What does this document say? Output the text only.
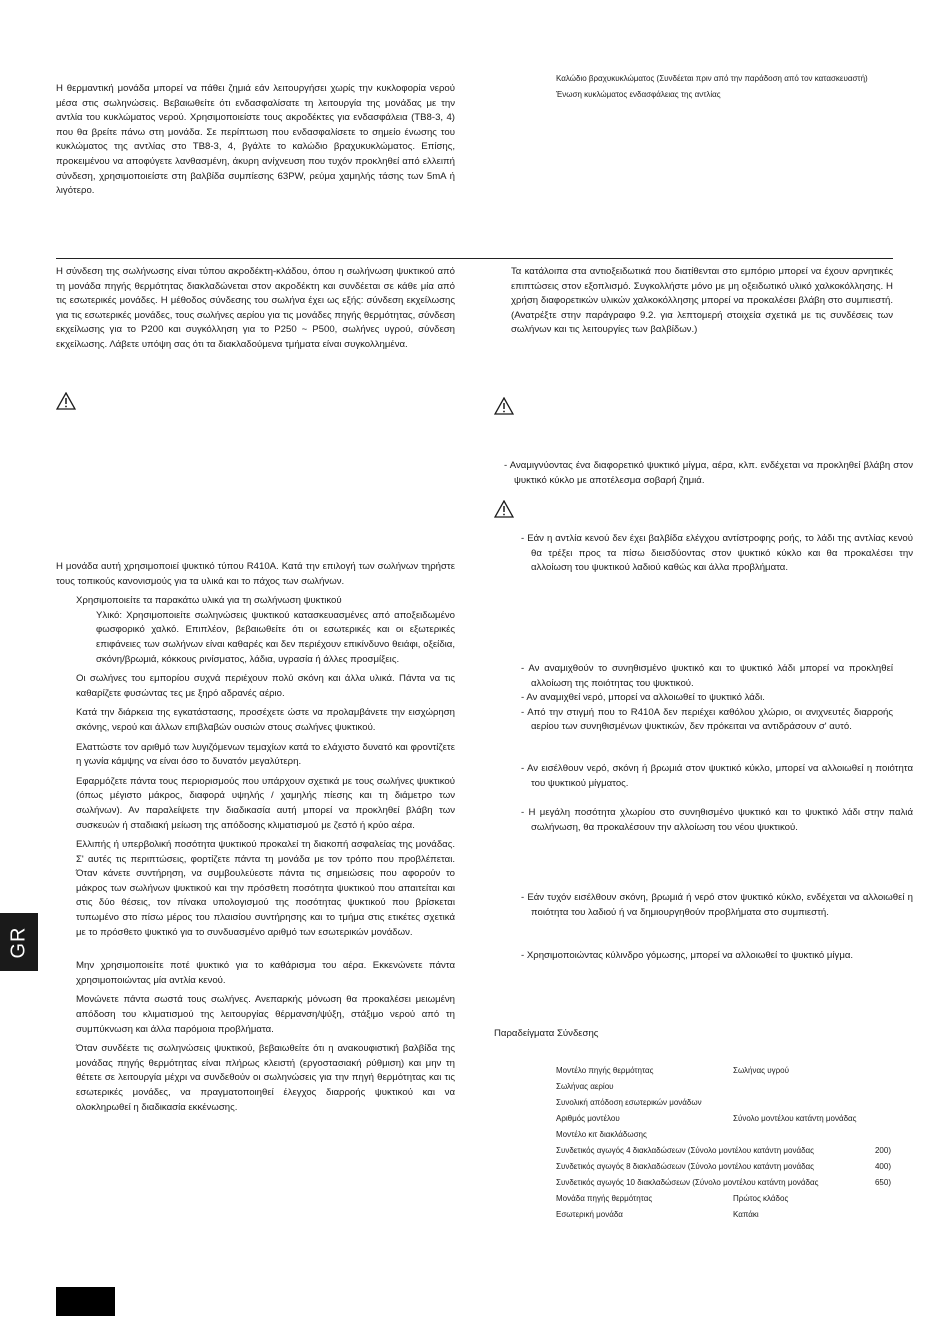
Η θερμαντική μονάδα μπορεί να πάθει ζημιά εάν λειτουργήσει χωρίς την κυκλοφορία νερού μέσα στις σωληνώσεις. Βεβαιωθείτε ότι ενδασφαλίσατε τη λειτουργία της μονάδας με την αντλία του κυκλώματος νερού. Χρησιμοποιείστε τους ακροδέκτες για ενδασφάλεια (TB8-3, 4) που θα βρείτε πάνω στη μονάδα. Σε περίπτωση που ενδασφαλίσετε το σημείο ένωσης του κυκλώματος της αντλίας στο TB8-3, 4, βγάλτε το καλώδιο βραχυκυκλώματος. Επίσης, προκειμένου να αποφύγετε λανθασμένη, άκυρη ανίχνευση που τυχόν προκληθεί από ελλειπή σύνδεση, χρησιμοποιείστε στη βαλβίδα συμπίεσης 63PW, ρεύμα χαμηλής τάσης των 5mA ή λιγότερο.

Καλώδιο βραχυκυκλώματος (Συνδέεται πριν από την παράδοση από τον κατασκευαστή)

Ένωση κυκλώματος ενδασφάλειας της αντλίας

Η σύνδεση της σωλήνωσης είναι τύπου ακροδέκτη-κλάδου, όπου η σωλήνωση ψυκτικού από τη μονάδα πηγής θερμότητας διακλαδώνεται στον ακροδέκτη και συνδέεται σε κάθε μία από τις εσωτερικές μονάδες. Η μέθοδος σύνδεσης του σωλήνα έχει ως εξής: σύνδεση εκχείλωσης για τις εσωτερικές μονάδες, τους σωλήνες αερίου για τις μονάδες πηγής θερμότητας, σύνδεση εκχείλωσης για το P200 και συγκόλληση για το P250 ~ P500, σωλήνες υγρού, σύνδεση εκχείλωσης. Λάβετε υπόψη σας ότι τα διακλαδούμενα τμήματα είναι συγκολλημένα.

Η μονάδα αυτή χρησιμοποιεί ψυκτικό τύπου R410A. Κατά την επιλογή των σωλήνων τηρήστε τους τοπικούς κανονισμούς για τα υλικά και το πάχος των σωλήνων.

Χρησιμοποιείτε τα παρακάτω υλικά για τη σωλήνωση ψυκτικού

Υλικό: Χρησιμοποιείτε σωληνώσεις ψυκτικού κατασκευασμένες από αποξειδωμένο φωσφορικό χαλκό. Επιπλέον, βεβαιωθείτε ότι οι εσωτερικές και οι εξωτερικές επιφάνειες των σωλήνων είναι καθαρές και δεν περιέχουν επικίνδυνο θειάφι, οξείδια, σκόνη/βρωμιά, κόκκους ρινίσματος, λάδια, υγρασία ή άλλες προσμίξεις.

Οι σωλήνες του εμπορίου συχνά περιέχουν πολύ σκόνη και άλλα υλικά. Πάντα να τις καθαρίζετε φυσώντας τες με ξηρό αδρανές αέριο.

Κατά την διάρκεια της εγκατάστασης, προσέχετε ώστε να προλαμβάνετε την εισχώρηση σκόνης, νερού και άλλων επιβλαβών ουσιών στους σωλήνες ψυκτικού.

Ελαττώστε τον αριθμό των λυγιζόμενων τεμαχίων κατά το ελάχιστο δυνατό και φροντίζετε η γωνία κάμψης να είναι όσο το δυνατόν μεγαλύτερη.

Εφαρμόζετε πάντα τους περιορισμούς που υπάρχουν σχετικά με τους σωλήνες ψυκτικού (όπως μέγιστο μάκρος, διαφορά υψηλής / χαμηλής πίεσης και τη διάμετρο των σωλήνων). Αν παραλείψετε την διαδικασία αυτή μπορεί να προκληθεί βλάβη των συσκευών ή σταδιακή μείωση της απόδοσης κλιματισμού με ζεστό ή κρύο αέρα.

Ελλιπής ή υπερβολική ποσότητα ψυκτικού προκαλεί τη διακοπή ασφαλείας της μονάδας. Σ' αυτές τις περιπτώσεις, φορτίζετε πάντα τη μονάδα με τον τρόπο που προβλέπεται. Όταν κάνετε συντήρηση, να συμβουλεύεστε πάντα τις σημειώσεις που αφορούν το μάκρος των σωλήνων ψυκτικού και την πρόσθετη ποσότητα ψυκτικού που απαιτείται και στις δύο θέσεις, τον πίνακα υπολογισμού της ποσότητας ψυκτικού που βρίσκεται τυπωμένο στο πίσω μέρος του πλαισίου συντήρησης και το τμήμα στις ετικέτες σχετικά με το πρόσθετο ψυκτικό για το συνδυασμένο αριθμό των εσωτερικών μονάδων.

Μην χρησιμοποιείτε ποτέ ψυκτικό για το καθάρισμα του αέρα. Εκκενώνετε πάντα χρησιμοποιώντας μία αντλία κενού.

Μονώνετε πάντα σωστά τους σωλήνες. Ανεπαρκής μόνωση θα προκαλέσει μειωμένη απόδοση του κλιματισμού της λειτουργίας θέρμανση/ψύξη, στάξιμο νερού από τη συμπύκνωση και άλλα παρόμοια προβλήματα.

Όταν συνδέετε τις σωληνώσεις ψυκτικού, βεβαιωθείτε ότι η ανακουφιστική βαλβίδα της μονάδας πηγής θερμότητας είναι πλήρως κλειστή (εργοστασιακή ρύθμιση) και μην τη θέτετε σε λειτουργία μέχρι να συνδεθούν οι σωληνώσεις για την πηγή θερμότητας και τις εσωτερικές μονάδες, να πραγματοποιηθεί έλεγχος διαρροής ψυκτικού και να ολοκληρωθεί η διαδικασία εκκένωσης.

Τα κατάλοιπα στα αντιοξειδωτικά που διατίθενται στο εμπόριο μπορεί να έχουν αρνητικές επιπτώσεις στον εξοπλισμό. Συγκολλήστε μόνο με μη οξειδωτικό υλικό χαλκοκόλλησης. Η χρήση διαφορετικών υλικών χαλκοκόλλησης μπορεί να προκαλέσει βλάβη στο συμπιεστή. (Ανατρέξτε στην παράγραφο 9.2. για λεπτομερή στοιχεία σχετικά με τις συνδέσεις των σωλήνων και τις λειτουργίες των βαλβίδων.)

- Αναμιγνύοντας ένα διαφορετικό ψυκτικό μίγμα, αέρα, κλπ. ενδέχεται να προκληθεί βλάβη στον ψυκτικό κύκλο με αποτέλεσμα σοβαρή ζημιά.

- Εάν η αντλία κενού δεν έχει βαλβίδα ελέγχου αντίστροφης ροής, το λάδι της αντλίας κενού θα τρέξει προς τα πίσω διεισδύοντας στον ψυκτικό κύκλο και θα προκαλέσει την αλλοίωση του ψυκτικού λαδιού καθώς και άλλα προβλήματα.

- Αν αναμιχθούν το συνηθισμένο ψυκτικό και το ψυκτικό λάδι μπορεί να προκληθεί αλλοίωση της ποιότητας του ψυκτικού.

- Αν αναμιχθεί νερό, μπορεί να αλλοιωθεί το ψυκτικό λάδι.

- Από την στιγμή που το R410A δεν περιέχει καθόλου χλώριο, οι ανιχνευτές διαρροής αερίου των συνηθισμένων ψυκτικών, δεν πρόκειται να αντιδράσουν σ' αυτό.

- Αν εισέλθουν νερό, σκόνη ή βρωμιά στον ψυκτικό κύκλο, μπορεί να αλλοιωθεί η ποιότητα του ψυκτικού μίγματος.

- Η μεγάλη ποσότητα χλωρίου στο συνηθισμένο ψυκτικό και το ψυκτικό λάδι στην παλιά σωλήνωση, θα προκαλέσουν την αλλοίωση του νέου ψυκτικού.

- Εάν τυχόν εισέλθουν σκόνη, βρωμιά ή νερό στον ψυκτικό κύκλο, ενδέχεται να αλλοιωθεί η ποιότητα του λαδιού ή να δημιουργηθούν προβλήματα στο συμπιεστή.

- Χρησιμοποιώντας κύλινδρο γόμωσης, μπορεί να αλλοιωθεί το ψυκτικό μίγμα.

Παραδείγματα Σύνδεσης

Μοντέλο πηγής θερμότητας	Σωλήνας υγρού	
Σωλήνας αερίου		
Συνολική απόδοση εσωτερικών μονάδων		
Αριθμός μοντέλου	Σύνολο μοντέλου κατάντη μονάδας	
Μοντέλο κιτ διακλάδωσης		
Συνδετικός αγωγός 4 διακλαδώσεων (Σύνολο μοντέλου κατάντη μονάδας		200)
Συνδετικός αγωγός 8 διακλαδώσεων (Σύνολο μοντέλου κατάντη μονάδας		400)
Συνδετικός αγωγός 10 διακλαδώσεων (Σύνολο μοντέλου κατάντη μονάδας		650)
Μονάδα πηγής θερμότητας	Πρώτος κλάδος	
Εσωτερική μονάδα	Καπάκι	
GR
